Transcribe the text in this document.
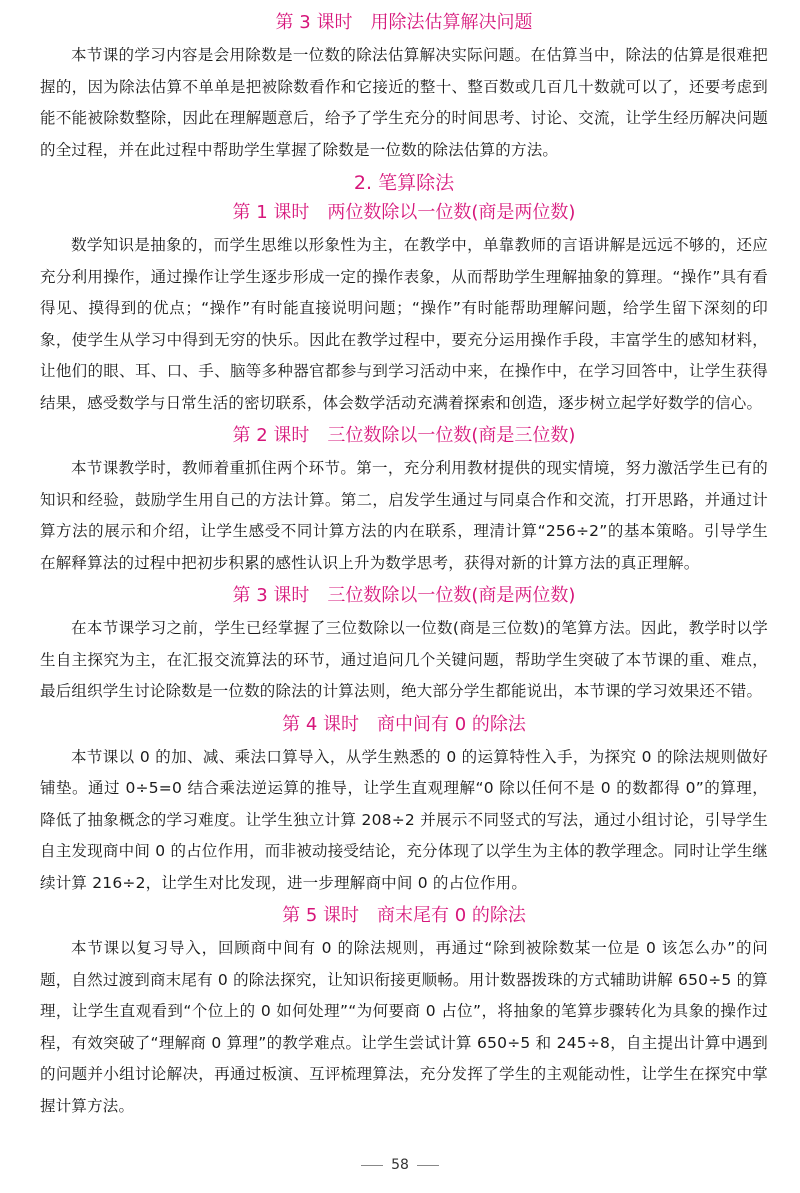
第 3 课时　用除法估算解决问题

本节课的学习内容是会用除数是一位数的除法估算解决实际问题。在估算当中，除法的估算是很难把握的，因为除法估算不单单是把被除数看作和它接近的整十、整百数或几百几十数就可以了，还要考虑到能不能被除数整除，因此在理解题意后，给予了学生充分的时间思考、讨论、交流，让学生经历解决问题的全过程，并在此过程中帮助学生掌握了除数是一位数的除法估算的方法。

2. 笔算除法
第 1 课时　两位数除以一位数(商是两位数)

数学知识是抽象的，而学生思维以形象性为主，在教学中，单靠教师的言语讲解是远远不够的，还应充分利用操作，通过操作让学生逐步形成一定的操作表象，从而帮助学生理解抽象的算理。“操作”具有看得见、摸得到的优点；“操作”有时能直接说明问题；“操作”有时能帮助理解问题，给学生留下深刻的印象，使学生从学习中得到无穷的快乐。因此在教学过程中，要充分运用操作手段，丰富学生的感知材料，让他们的眼、耳、口、手、脑等多种器官都参与到学习活动中来，在操作中，在学习回答中，让学生获得结果，感受数学与日常生活的密切联系，体会数学活动充满着探索和创造，逐步树立起学好数学的信心。

第 2 课时　三位数除以一位数(商是三位数)

本节课教学时，教师着重抓住两个环节。第一，充分利用教材提供的现实情境，努力激活学生已有的知识和经验，鼓励学生用自己的方法计算。第二，启发学生通过与同桌合作和交流，打开思路，并通过计算方法的展示和介绍，让学生感受不同计算方法的内在联系，理清计算“256÷2”的基本策略。引导学生在解释算法的过程中把初步积累的感性认识上升为数学思考，获得对新的计算方法的真正理解。

第 3 课时　三位数除以一位数(商是两位数)

在本节课学习之前，学生已经掌握了三位数除以一位数(商是三位数)的笔算方法。因此，教学时以学生自主探究为主，在汇报交流算法的环节，通过追问几个关键问题，帮助学生突破了本节课的重、难点，最后组织学生讨论除数是一位数的除法的计算法则，绝大部分学生都能说出，本节课的学习效果还不错。

第 4 课时　商中间有 0 的除法

本节课以 0 的加、减、乘法口算导入，从学生熟悉的 0 的运算特性入手，为探究 0 的除法规则做好铺垫。通过 0÷5=0 结合乘法逆运算的推导，让学生直观理解“0 除以任何不是 0 的数都得 0”的算理，降低了抽象概念的学习难度。让学生独立计算 208÷2 并展示不同竖式的写法，通过小组讨论，引导学生自主发现商中间 0 的占位作用，而非被动接受结论，充分体现了以学生为主体的教学理念。同时让学生继续计算 216÷2，让学生对比发现，进一步理解商中间 0 的占位作用。

第 5 课时　商末尾有 0 的除法

本节课以复习导入，回顾商中间有 0 的除法规则，再通过“除到被除数某一位是 0 该怎么办”的问题，自然过渡到商末尾有 0 的除法探究，让知识衔接更顺畅。用计数器拨珠的方式辅助讲解 650÷5 的算理，让学生直观看到“个位上的 0 如何处理”“为何要商 0 占位”，将抽象的笔算步骤转化为具象的操作过程，有效突破了“理解商 0 算理”的教学难点。让学生尝试计算 650÷5 和 245÷8，自主提出计算中遇到的问题并小组讨论解决，再通过板演、互评梳理算法，充分发挥了学生的主观能动性，让学生在探究中掌握计算方法。

58
